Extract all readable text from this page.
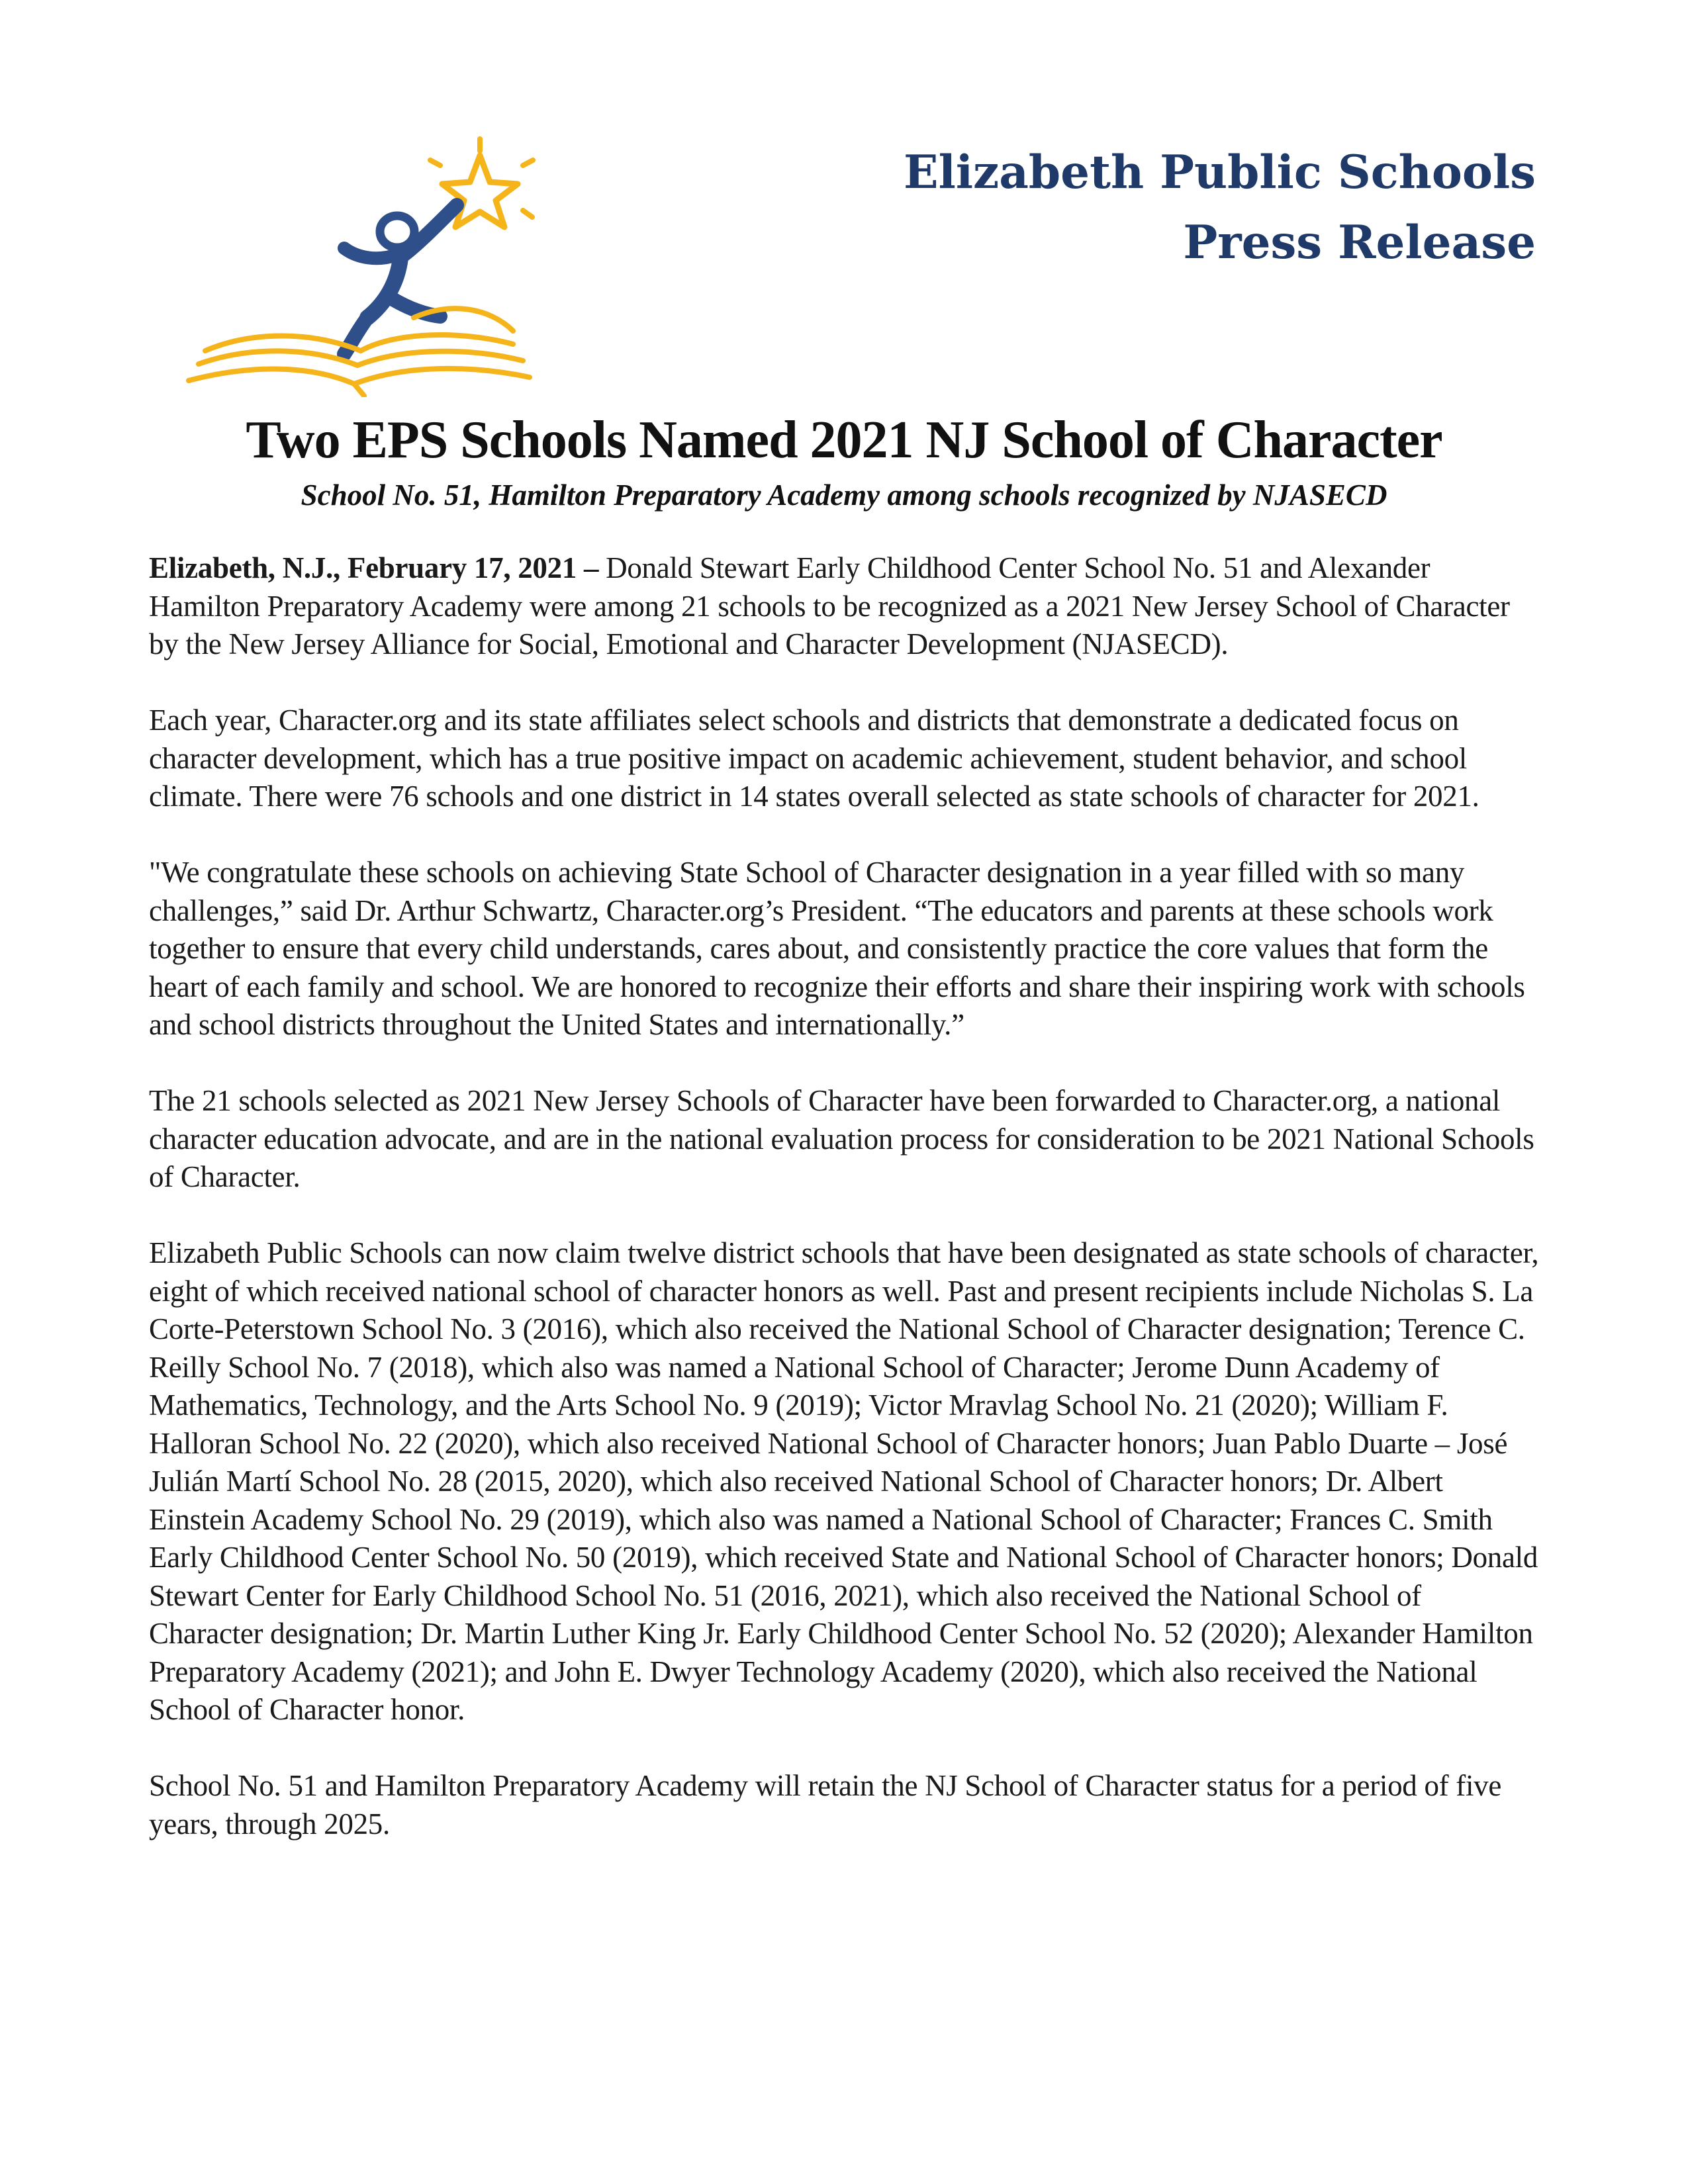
Elizabeth Public Schools
Press Release
Two EPS Schools Named 2021 NJ School of Character
School No. 51, Hamilton Preparatory Academy among schools recognized by NJASECD

Elizabeth, N.J., February 17, 2021 – Donald Stewart Early Childhood Center School No. 51 and Alexander Hamilton Preparatory Academy were among 21 schools to be recognized as a 2021 New Jersey School of Character by the New Jersey Alliance for Social, Emotional and Character Development (NJASECD).

Each year, Character.org and its state affiliates select schools and districts that demonstrate a dedicated focus on character development, which has a true positive impact on academic achievement, student behavior, and school climate. There were 76 schools and one district in 14 states overall selected as state schools of character for 2021.

"We congratulate these schools on achieving State School of Character designation in a year filled with so many challenges,” said Dr. Arthur Schwartz, Character.org’s President. “The educators and parents at these schools work together to ensure that every child understands, cares about, and consistently practice the core values that form the heart of each family and school. We are honored to recognize their efforts and share their inspiring work with schools and school districts throughout the United States and internationally.”

The 21 schools selected as 2021 New Jersey Schools of Character have been forwarded to Character.org, a national character education advocate, and are in the national evaluation process for consideration to be 2021 National Schools of Character.

Elizabeth Public Schools can now claim twelve district schools that have been designated as state schools of character, eight of which received national school of character honors as well. Past and present recipients include Nicholas S. La Corte-Peterstown School No. 3 (2016), which also received the National School of Character designation; Terence C. Reilly School No. 7 (2018), which also was named a National School of Character; Jerome Dunn Academy of Mathematics, Technology, and the Arts School No. 9 (2019); Victor Mravlag School No. 21 (2020); William F. Halloran School No. 22 (2020), which also received National School of Character honors; Juan Pablo Duarte – José Julián Martí School No. 28 (2015, 2020), which also received National School of Character honors; Dr. Albert Einstein Academy School No. 29 (2019), which also was named a National School of Character; Frances C. Smith Early Childhood Center School No. 50 (2019), which received State and National School of Character honors; Donald Stewart Center for Early Childhood School No. 51 (2016, 2021), which also received the National School of Character designation; Dr. Martin Luther King Jr. Early Childhood Center School No. 52 (2020); Alexander Hamilton Preparatory Academy (2021); and John E. Dwyer Technology Academy (2020), which also received the National School of Character honor.

School No. 51 and Hamilton Preparatory Academy will retain the NJ School of Character status for a period of five years, through 2025.
